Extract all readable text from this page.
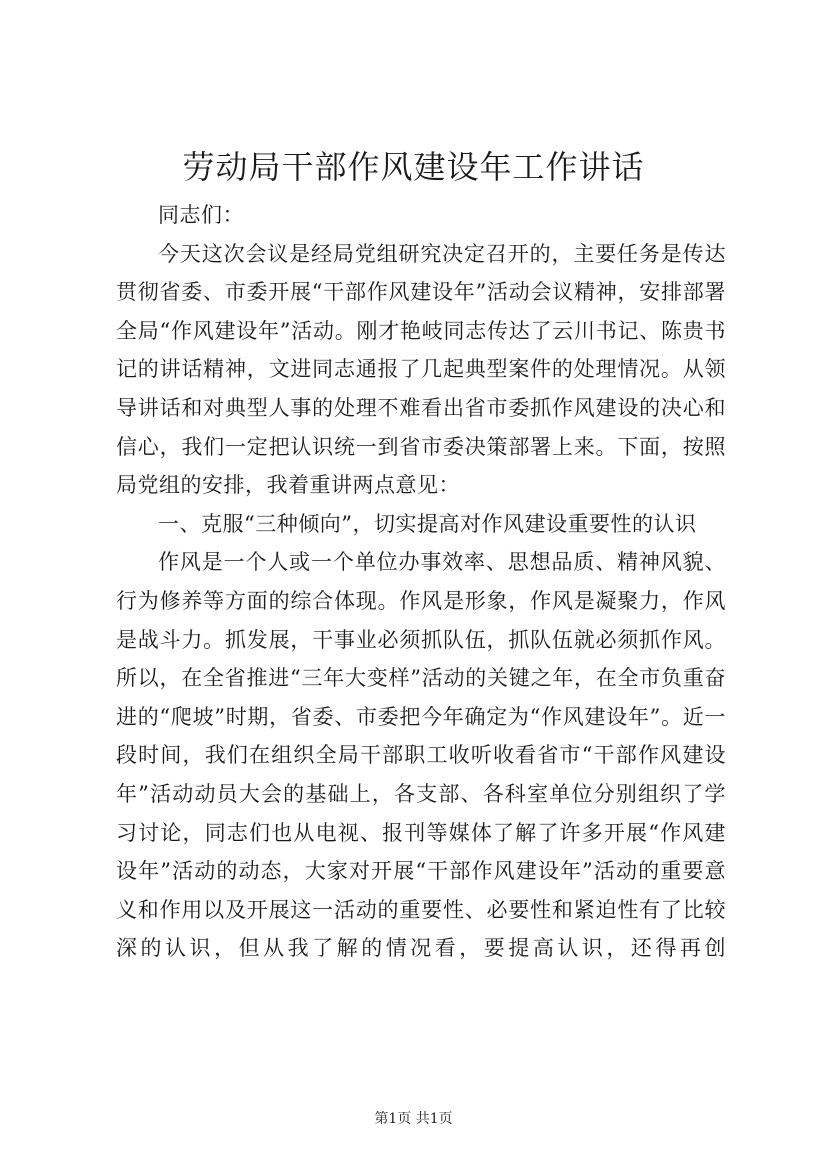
劳动局干部作风建设年工作讲话

同志们：

今天这次会议是经局党组研究决定召开的，主要任务是传达贯彻省委、市委开展“干部作风建设年”活动会议精神，安排部署全局“作风建设年”活动。刚才艳岐同志传达了云川书记、陈贵书记的讲话精神，文进同志通报了几起典型案件的处理情况。从领导讲话和对典型人事的处理不难看出省市委抓作风建设的决心和信心，我们一定把认识统一到省市委决策部署上来。下面，按照局党组的安排，我着重讲两点意见：

一、克服“三种倾向”，切实提高对作风建设重要性的认识

作风是一个人或一个单位办事效率、思想品质、精神风貌、行为修养等方面的综合体现。作风是形象，作风是凝聚力，作风是战斗力。抓发展，干事业必须抓队伍，抓队伍就必须抓作风。所以，在全省推进“三年大变样”活动的关键之年，在全市负重奋进的“爬坡”时期，省委、市委把今年确定为“作风建设年”。近一段时间，我们在组织全局干部职工收听收看省市“干部作风建设年”活动动员大会的基础上，各支部、各科室单位分别组织了学习讨论，同志们也从电视、报刊等媒体了解了许多开展“作风建设年”活动的动态，大家对开展“干部作风建设年”活动的重要意义和作用以及开展这一活动的重要性、必要性和紧迫性有了比较深的认识，但从我了解的情况看，要提高认识，还得再创

第1页 共1页
